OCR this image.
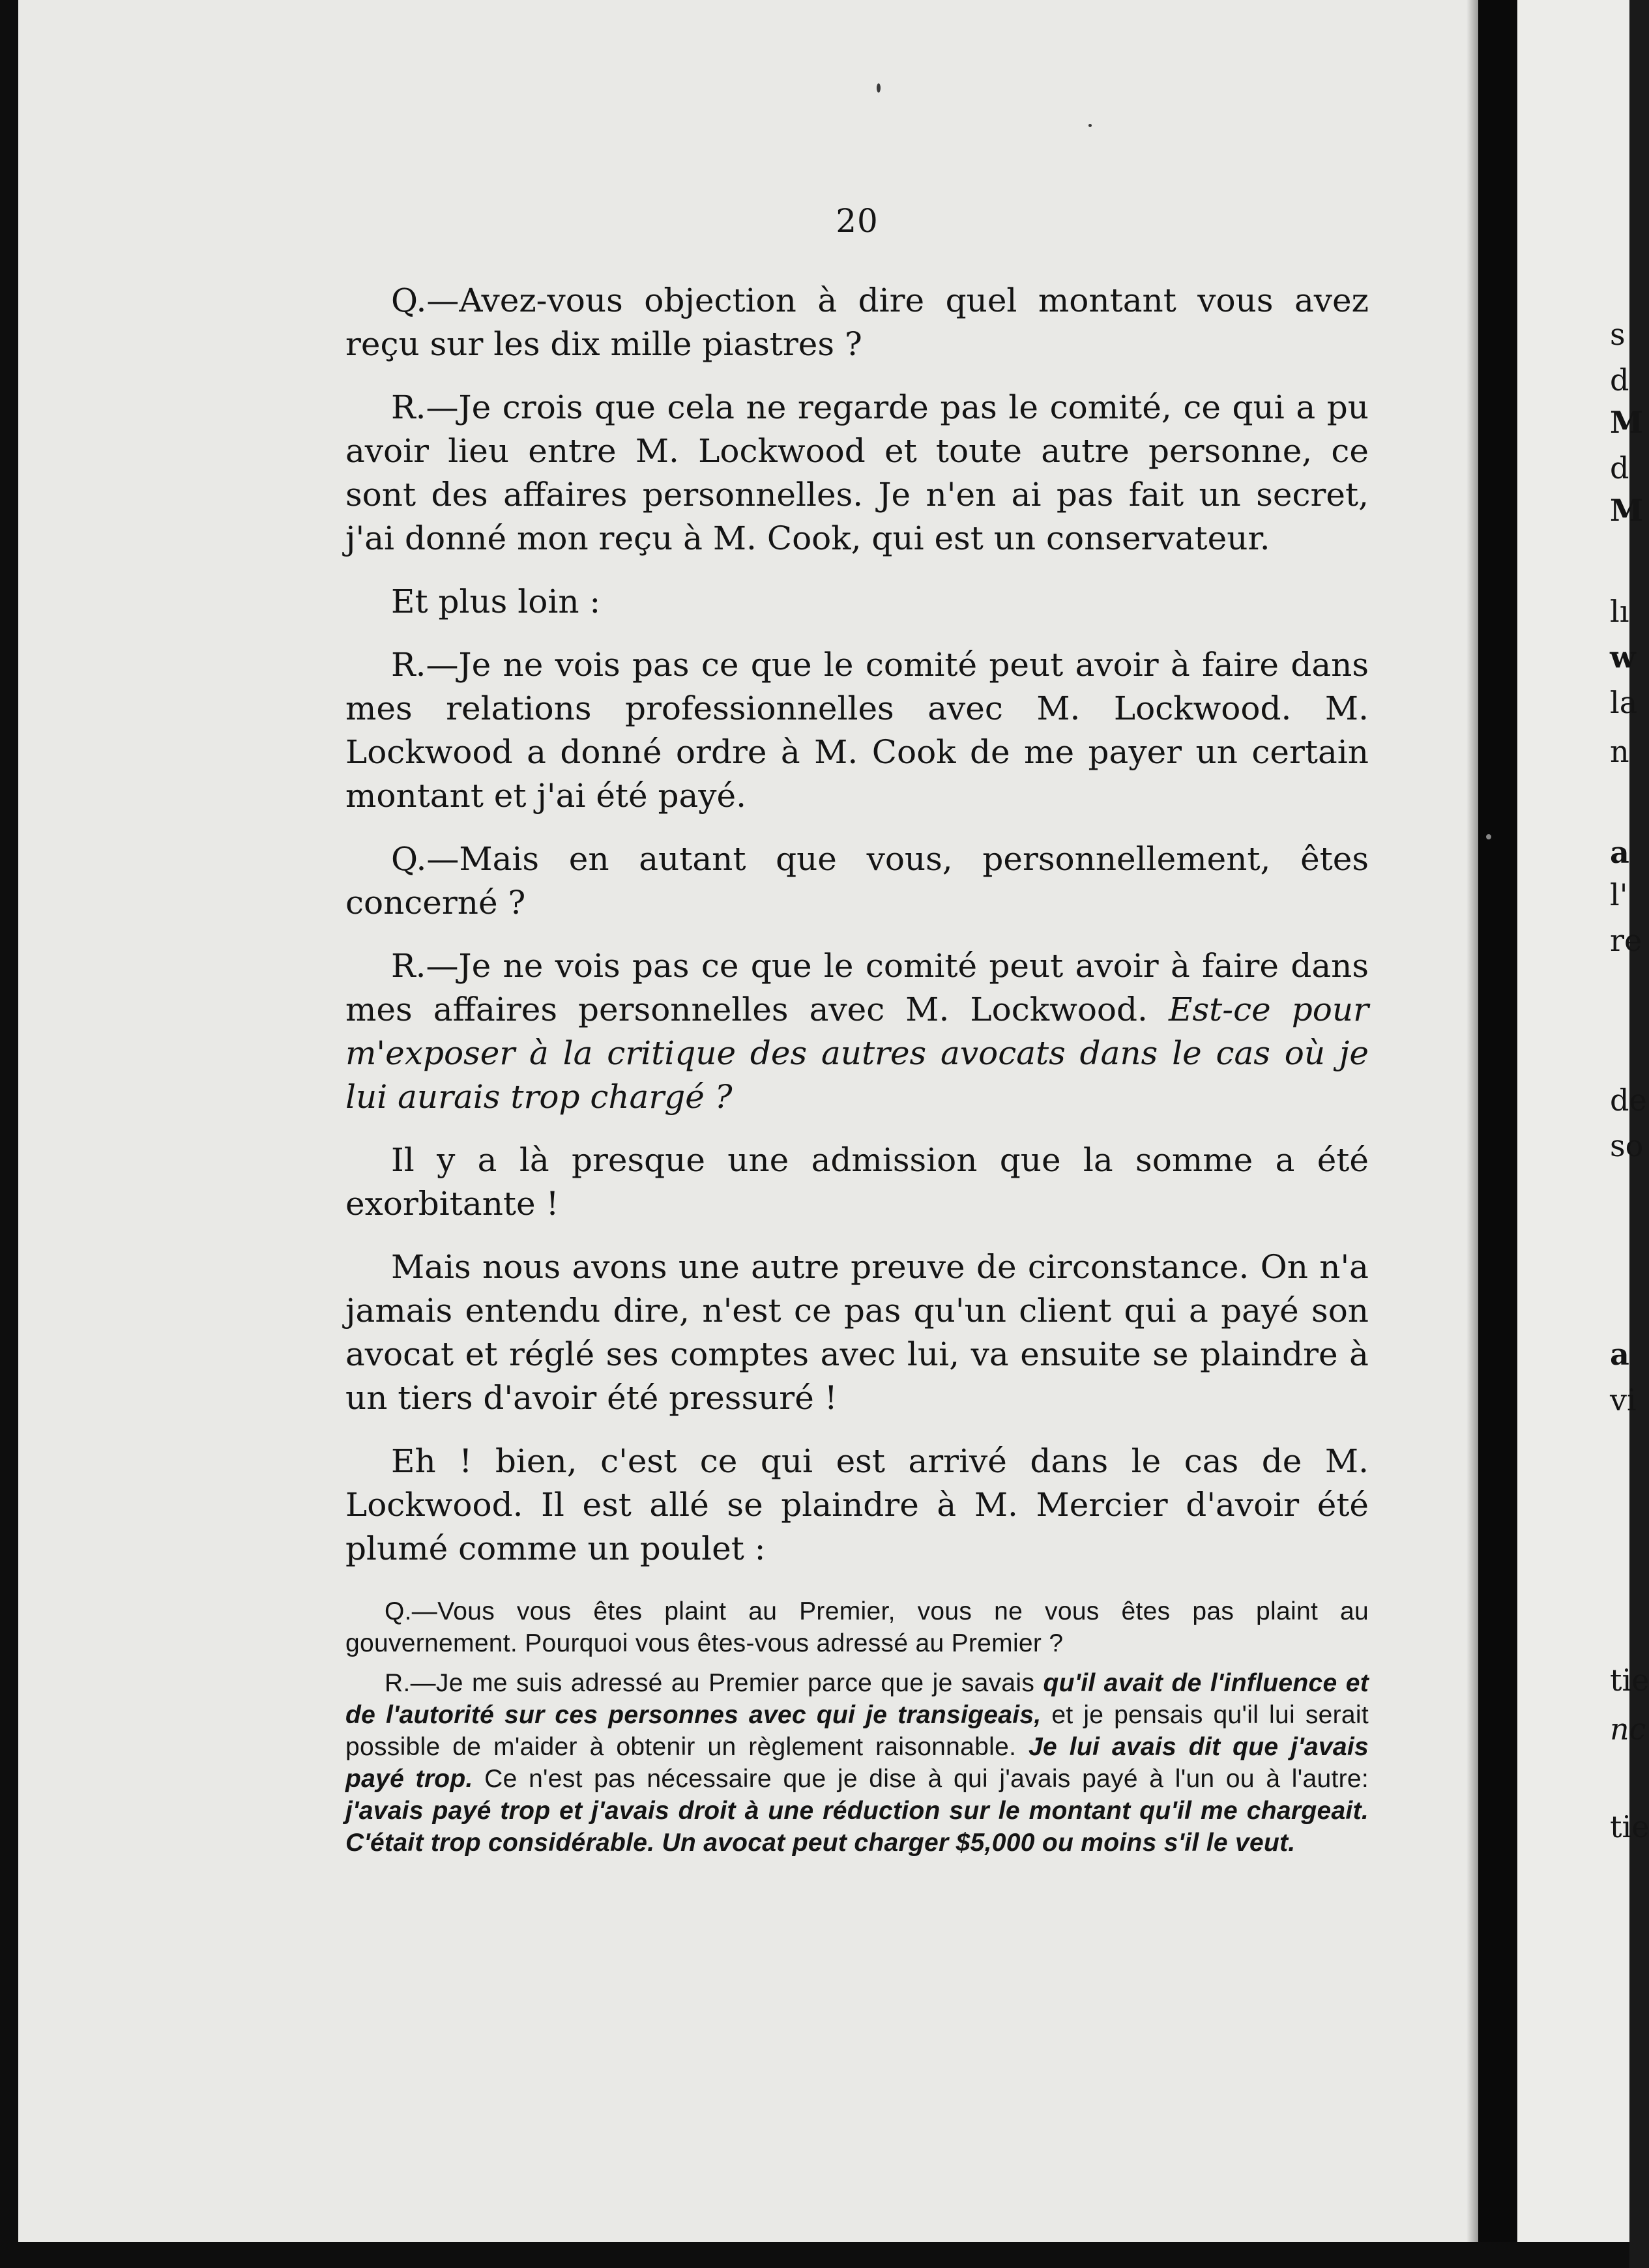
20

Q.—Avez-vous objection à dire quel montant vous avez reçu sur les dix mille piastres ?

R.—Je crois que cela ne regarde pas le comité, ce qui a pu avoir lieu entre M. Lockwood et toute autre personne, ce sont des affaires personnelles. Je n'en ai pas fait un secret, j'ai donné mon reçu à M. Cook, qui est un conservateur.

Et plus loin :

R.—Je ne vois pas ce que le comité peut avoir à faire dans mes relations professionnelles avec M. Lockwood. M. Lockwood a donné ordre à M. Cook de me payer un certain montant et j'ai été payé.

Q.—Mais en autant que vous, personnellement, êtes concerné ?

R.—Je ne vois pas ce que le comité peut avoir à faire dans mes affaires personnelles avec M. Lockwood. Est-ce pour m'exposer à la critique des autres avocats dans le cas où je lui aurais trop chargé ?

Il y a là presque une admission que la somme a été exorbitante !

Mais nous avons une autre preuve de circonstance. On n'a jamais entendu dire, n'est ce pas qu'un client qui a payé son avocat et réglé ses comptes avec lui, va ensuite se plaindre à un tiers d'avoir été pressuré !

Eh ! bien, c'est ce qui est arrivé dans le cas de M. Lockwood. Il est allé se plaindre à M. Mercier d'avoir été plumé comme un poulet :

Q.—Vous vous êtes plaint au Premier, vous ne vous êtes pas plaint au gouvernement. Pourquoi vous êtes-vous adressé au Premier ?

R.—Je me suis adressé au Premier parce que je savais qu'il avait de l'influence et de l'autorité sur ces personnes avec qui je transigeais, et je pensais qu'il lui serait possible de m'aider à obtenir un règlement raisonnable. Je lui avais dit que j'avais payé trop. Ce n'est pas nécessaire que je dise à qui j'avais payé à l'un ou à l'autre: j'avais payé trop et j'avais droit à une réduction sur le montant qu'il me chargeait. C'était trop considérable. Un avocat peut charger $5,000 ou moins s'il le veut.

s
d
M
d
M
lı
w
la
n
a
l'
re
de
so
a
vi
tie
nc
tie
